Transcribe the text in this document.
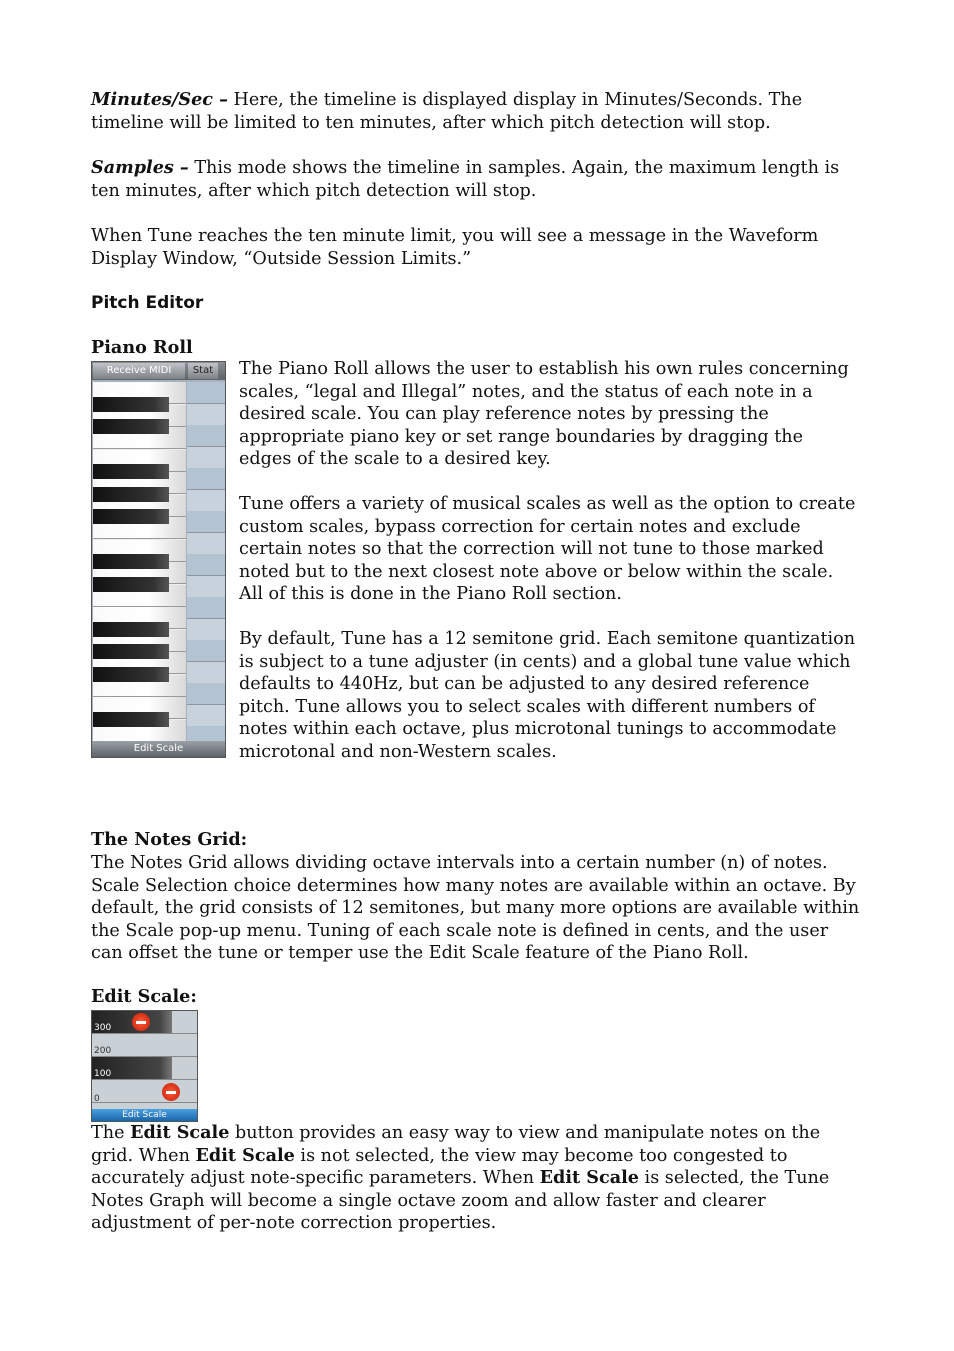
Minutes/Sec – Here, the timeline is displayed display in Minutes/Seconds. The timeline will be limited to ten minutes, after which pitch detection will stop.

Samples – This mode shows the timeline in samples. Again, the maximum length is ten minutes, after which pitch detection will stop.

When Tune reaches the ten minute limit, you will see a message in the Waveform Display Window, “Outside Session Limits.”

Pitch Editor
Piano Roll
Receive MIDI	Stat
Edit Scale

The Piano Roll allows the user to establish his own rules concerning scales, “legal and Illegal” notes, and the status of each note in a desired scale. You can play reference notes by pressing the appropriate piano key or set range boundaries by dragging the edges of the scale to a desired key.

Tune offers a variety of musical scales as well as the option to create custom scales, bypass correction for certain notes and exclude certain notes so that the correction will not tune to those marked noted but to the next closest note above or below within the scale. All of this is done in the Piano Roll section.

By default, Tune has a 12 semitone grid. Each semitone quantization is subject to a tune adjuster (in cents) and a global tune value which defaults to 440Hz, but can be adjusted to any desired reference pitch. Tune allows you to select scales with different numbers of notes within each octave, plus microtonal tunings to accommodate microtonal and non-Western scales.

The Notes Grid:

The Notes Grid allows dividing octave intervals into a certain number (n) of notes. Scale Selection choice determines how many notes are available within an octave. By default, the grid consists of 12 semitones, but many more options are available within the Scale pop-up menu. Tuning of each scale note is defined in cents, and the user can offset the tune or temper use the Edit Scale feature of the Piano Roll.

Edit Scale:
300
200
100
0
Edit Scale

The Edit Scale button provides an easy way to view and manipulate notes on the grid. When Edit Scale is not selected, the view may become too congested to accurately adjust note-specific parameters. When Edit Scale is selected, the Tune Notes Graph will become a single octave zoom and allow faster and clearer adjustment of per-note correction properties.
